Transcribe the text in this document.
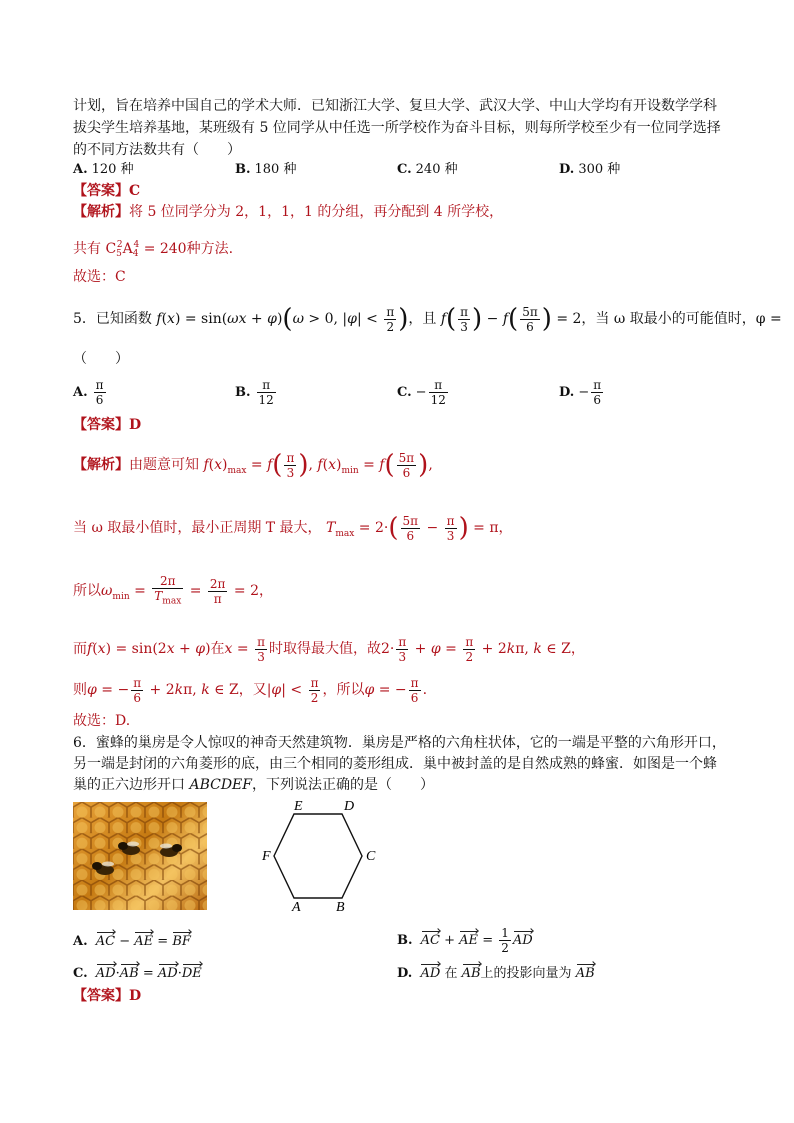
计划，旨在培养中国自己的学术大师．已知浙江大学、复旦大学、武汉大学、中山大学均有开设数学学科
拔尖学生培养基地，某班级有 5 位同学从中任选一所学校作为奋斗目标，则每所学校至少有一位同学选择
的不同方法数共有（　　）
A. 120 种	B. 180 种	C. 240 种	D. 300 种
【答案】C
【解析】将 5 位同学分为 2，1，1，1 的分组，再分配到 4 所学校，
共有 $C_5^2A_4^4 = 240$种方法.
故选：C
5．已知函数 f(x) = sin(ωx + φ)(ω > 0, $|\varphi| < \frac{\pi}{2}$ )，且 $f( \frac{\pi}{3}$ ) − $f( \frac{5\pi}{6}$ ) = 2，当 ω 取最小的可能值时，φ =
（　　）
A. $\frac{\pi}{6}$	B. $\frac{\pi}{12}$	C. − $\frac{\pi}{12}$	D. − $\frac{\pi}{6}$
【答案】D
【解析】由题意可知 $f(x)_{max} = f( \frac{\pi}{3}$ ), $f(x)_{min} = f( \frac{5\pi}{6}$ ),
当 ω 取最小值时，最小正周期 T 最大， $T_{max} = 2\cdot( \frac{5\pi}{6} - \frac{\pi}{3}$ ) = π，
所以$\omega_{min} = \frac{2\pi}{T_{max}} = \frac{2\pi}{\pi} = 2$，
而f(x) = sin(2x + φ)在$x = \frac{\pi}{3}$ 时取得最大值，故$2\cdot \frac{\pi}{3} + \varphi = \frac{\pi}{2} + 2k\pi$, k ∈ Z，
则φ = − $\frac{\pi}{6} + 2k\pi$, k ∈ Z，又$|\varphi| < \frac{\pi}{2}$ ，所以φ = − $\frac{\pi}{6}$ .
故选：D.
6．蜜蜂的巢房是令人惊叹的神奇天然建筑物．巢房是严格的六角柱状体，它的一端是平整的六角形开口，
另一端是封闭的六角菱形的底，由三个相同的菱形组成．巢中被封盖的是自然成熟的蜂蜜．如图是一个蜂
巢的正六边形开口 ABCDEF，下列说法正确的是（　　）
E	D
F	C
A	B
A. AC − AE = BF	B. AC + AE = $\frac{1}{2}$ AD
C. AD·AB = AD·DE	D. AD 在 AB上的投影向量为 AB
【答案】D
